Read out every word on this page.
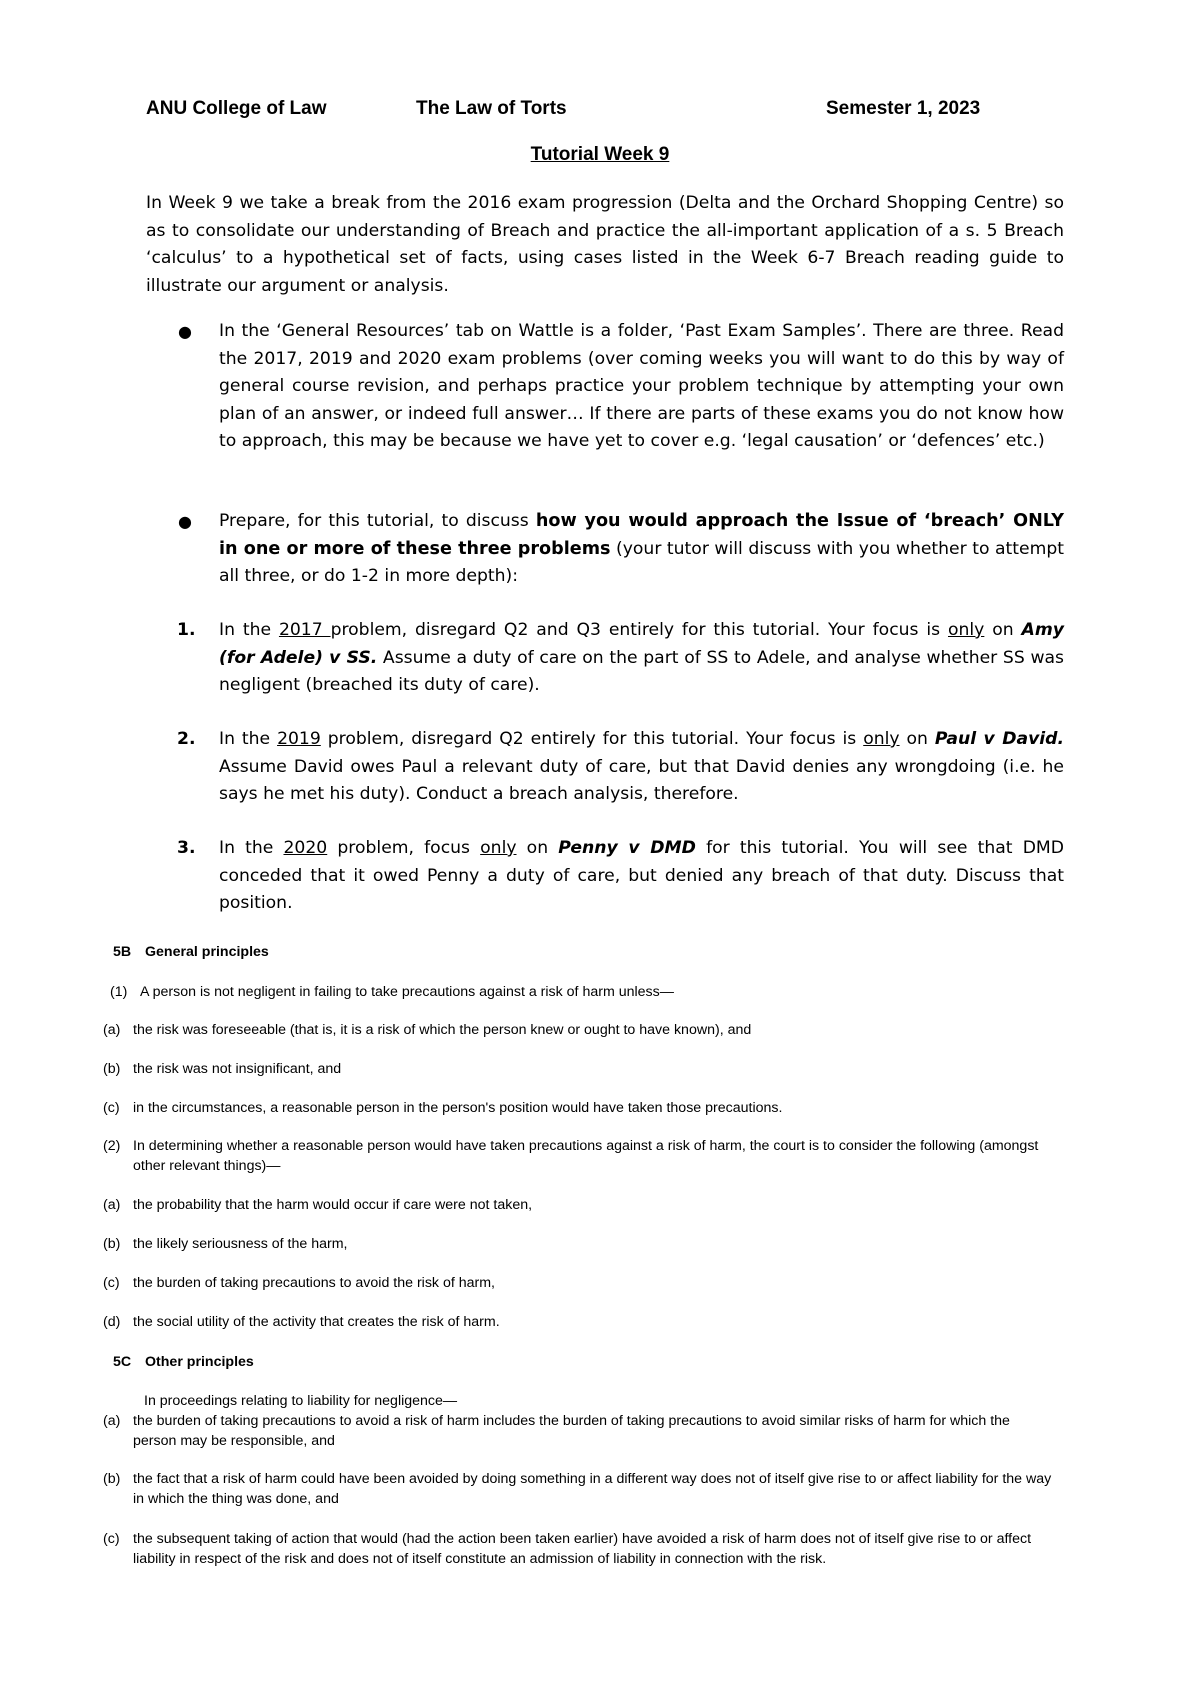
ANU College of Law	The Law of Torts	Semester 1, 2023
Tutorial Week 9
In Week 9 we take a break from the 2016 exam progression (Delta and the Orchard Shopping Centre) so as to consolidate our understanding of Breach and practice the all-important application of a s. 5 Breach ‘calculus’ to a hypothetical set of facts, using cases listed in the Week 6-7 Breach reading guide to illustrate our argument or analysis.
● In the ‘General Resources’ tab on Wattle is a folder, ‘Past Exam Samples’. There are three. Read the 2017, 2019 and 2020 exam problems (over coming weeks you will want to do this by way of general course revision, and perhaps practice your problem technique by attempting your own plan of an answer, or indeed full answer… If there are parts of these exams you do not know how to approach, this may be because we have yet to cover e.g. ‘legal causation’ or ‘defences’ etc.)
● Prepare, for this tutorial, to discuss how you would approach the Issue of ‘breach’ ONLY in one or more of these three problems (your tutor will discuss with you whether to attempt all three, or do 1-2 in more depth):
1. In the 2017 problem, disregard Q2 and Q3 entirely for this tutorial. Your focus is only on Amy (for Adele) v SS. Assume a duty of care on the part of SS to Adele, and analyse whether SS was negligent (breached its duty of care).
2. In the 2019 problem, disregard Q2 entirely for this tutorial. Your focus is only on Paul v David. Assume David owes Paul a relevant duty of care, but that David denies any wrongdoing (i.e. he says he met his duty). Conduct a breach analysis, therefore.
3. In the 2020 problem, focus only on Penny v DMD for this tutorial. You will see that DMD conceded that it owed Penny a duty of care, but denied any breach of that duty. Discuss that position.
5B General principles
(1) A person is not negligent in failing to take precautions against a risk of harm unless—
(a) the risk was foreseeable (that is, it is a risk of which the person knew or ought to have known), and
(b) the risk was not insignificant, and
(c) in the circumstances, a reasonable person in the person's position would have taken those precautions.
(2) In determining whether a reasonable person would have taken precautions against a risk of harm, the court is to consider the following (amongst other relevant things)—
(a) the probability that the harm would occur if care were not taken,
(b) the likely seriousness of the harm,
(c) the burden of taking precautions to avoid the risk of harm,
(d) the social utility of the activity that creates the risk of harm.
5C Other principles
In proceedings relating to liability for negligence—
(a) the burden of taking precautions to avoid a risk of harm includes the burden of taking precautions to avoid similar risks of harm for which the person may be responsible, and
(b) the fact that a risk of harm could have been avoided by doing something in a different way does not of itself give rise to or affect liability for the way in which the thing was done, and
(c) the subsequent taking of action that would (had the action been taken earlier) have avoided a risk of harm does not of itself give rise to or affect liability in respect of the risk and does not of itself constitute an admission of liability in connection with the risk.
